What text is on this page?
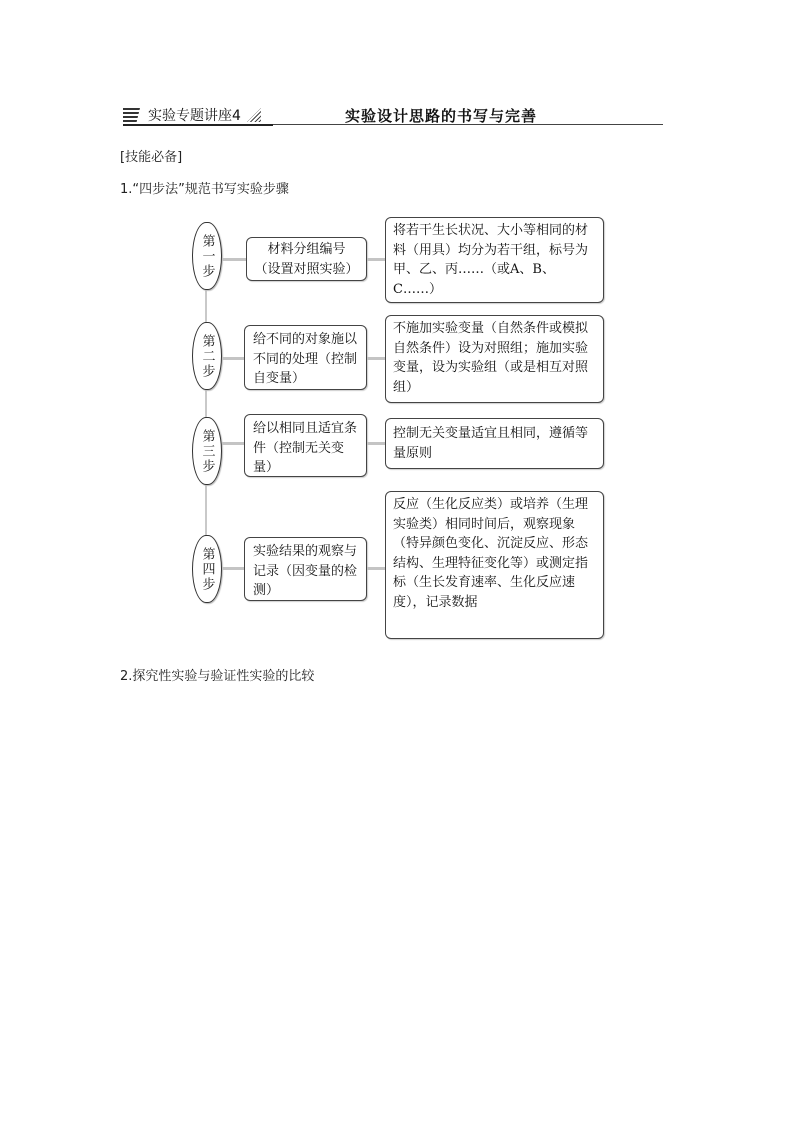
实验专题讲座4	实验设计思路的书写与完善
[技能必备]
1.“四步法”规范书写实验步骤
第一步	材料分组编号
（设置对照实验）
将若干生长状况、大小等相同的材料（用具）均分为若干组，标号为甲、乙、丙……（或A、B、C……）
第二步	给不同的对象施以不同的处理（控制自变量）
不施加实验变量（自然条件或模拟自然条件）设为对照组；施加实验变量，设为实验组（或是相互对照组）
第三步	给以相同且适宜条件（控制无关变量）
控制无关变量适宜且相同，遵循等量原则
第四步	实验结果的观察与记录（因变量的检测）
反应（生化反应类）或培养（生理实验类）相同时间后，观察现象（特异颜色变化、沉淀反应、形态结构、生理特征变化等）或测定指标（生长发育速率、生化反应速度），记录数据
2.探究性实验与验证性实验的比较
